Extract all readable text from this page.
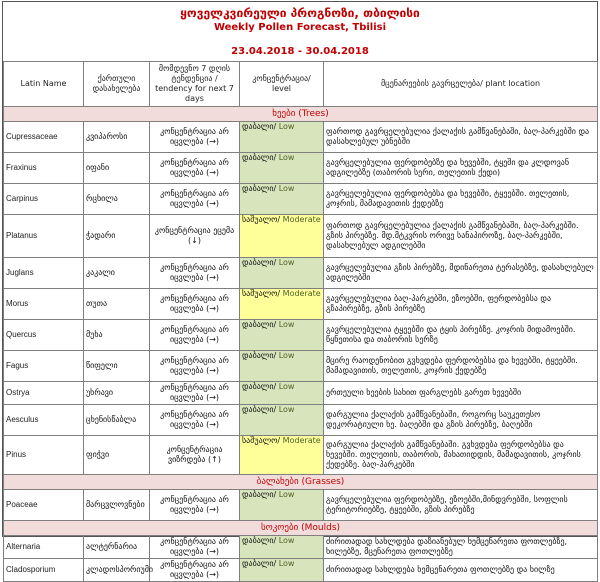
ყოველკვირეული პროგნოზი, თბილისი
Weekly Pollen Forecast, Tbilisi
23.04.2018 - 30.04.2018
Latin Name	ქართული დასახელება	მომდევნო 7 დღის ტენდენცია / tendency for next 7 days	კონცენტრაცია/ level	მცენარეების გავრცელება/ plant location
ხეები (Trees)				
Cupressaceae	კვიპაროსი	კონცენტრაცია არ იცვლება (→)	დაბალი/ Low	ფართოდ გავრცელებულია ქალაქის გამწვანებაში, ბაღ-პარკებში და დასახლებულ უბნებში
Fraxinus	იფანი	კონცენტრაცია არ იცვლება (→)	დაბალი/ Low	გავრცელებულია ფერდობებზე და ხევებში, ტყეში და კლდოვან ადგილებზე (თაბორის სერი, თელეთის ქედი)
Carpinus	რცხილა	კონცენტრაცია არ იცვლება (→)	დაბალი/ Low	გავრცელებულია ფერდობებსა და ხევებში, ტყეებში. თელეთის, კოჯრის, მამადავითის ქედებზე
Platanus	ჭადარი	კონცენტრაცია ეცემა (↓)	საშუალო/ Moderate	ფართოდ გავრცელებულია ქალაქის გამწვანებაში, ბაღ-პარკებში. გზის პირებზე. მდ.მტკვრის ორივე სანაპიროზე, ბაღ-პარკებში, დასახლებულ ადგილებში
Juglans	კაკალი	კონცენტრაცია არ იცვლება (→)	დაბალი/ Low	გავრცელებულია გზის პირებზე, მდინარეთა ტერასებზე, დასახლებულ ადგილებში
Morus	თუთა	კონცენტრაცია არ იცვლება (→)	საშუალო/ Moderate	გავრცელებულია ბაღ-პარკებში, ეზოებში, ფერდობებსა და გზაპირებზე, გზის პირებზე
Quercus	მუხა	კონცენტრაცია არ იცვლება (→)	დაბალი/ Low	გავრცელებულია ტყეებში და ტყის პირებზე. კოჯრის მიდამოებში. წყნეთისა და თაბორის სერზე
Fagus	წიფელი	კონცენტრაცია არ იცვლება (→)	დაბალი/ Low	მცირე რაოდენობით გვხვდება ფერდობებსა და ხევებში, ტყეებში. მამადავითის, თელეთის, კოჯრის ქედებზე
Ostrya	უხრავი	კონცენტრაცია არ იცვლება (→)	დაბალი/ Low	ერთეული ხეების სახით ფარგლებს გარეთ ხევებში
Aesculus	ცხენისწაბლა	კონცენტრაცია არ იცვლება (→)	დაბალი/ Low	დარგულია ქალაქის გამწვანებაში, როგორც საუკეთესო დეკორატიული ხე. ბაღებში და გზის პირებზე, ბაღებში
Pinus	ფიჭვი	კონცენტრაცია ვიზრდება (↑)	საშუალო/ Moderate	დარგულია ქალაქის გამწვანებაში. გვხვდება ფერდობებსა და ხევებში. თელეთის, თაბორის, მახათიდდის, მამადავითის, კოჯრის ქედებზე. ბაღ-პარკებში
ბალახები (Grasses)				
Poaceae	მარცვლოვნები	კონცენტრაცია არ იცვლება (→)	დაბალი/ Low	გავრცელებულია ფერდობებზე, ეზოებში,მინდვრებში, სოფლის ტერიტორიებზე, ტყეებში, გზის პირებზე
სოკოები (Moulds)				
Alternaria	ალტერნარია	კონცენტრაცია არ იცვლება (→)	დაბალი/ Low	ძირითადად სახლდება დაზიანებულ ხემცენარეთა ფოთლებზე, ხილებზე, მცენარეთა ფოთლებზე
Cladosporium	კლადოსპორიუმი	კონცენტრაცია არ იცვლება (→)	დაბალი/ Low	ძირითადად სახლდება ხემცენარეთა ფოთლებზე და ხილზე
